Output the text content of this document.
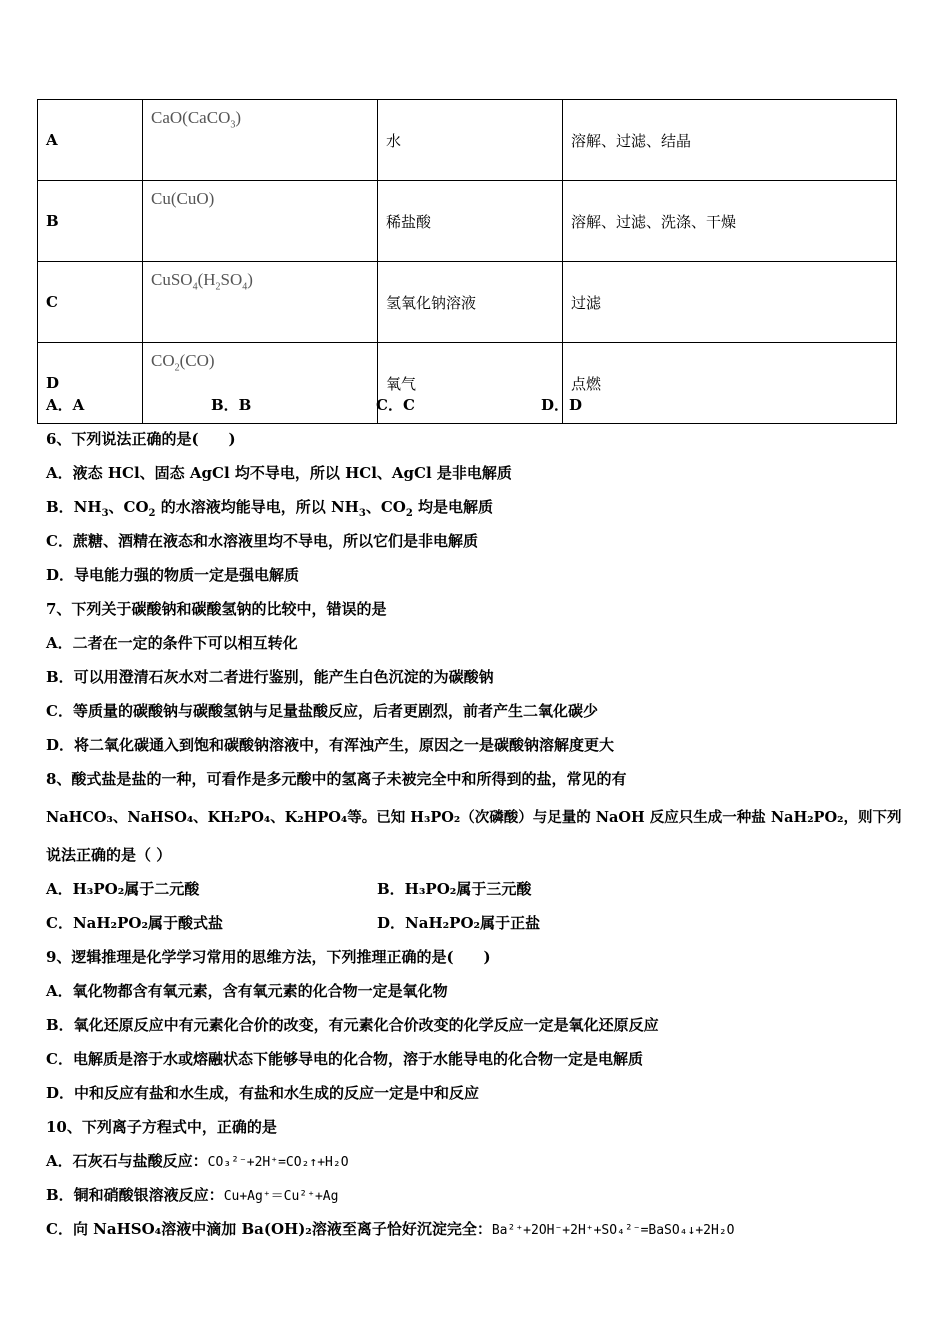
A	CaO(CaCO$_3$)	水	溶解、过滤、结晶
B	Cu(CuO)	稀盐酸	溶解、过滤、洗涤、干燥
C	$CuSO_4(H_2SO_4)$	氢氧化钠溶液	过滤
D	$CO_2(CO)$	氧气	点燃
A．A	B．B	C．C	D．D
6、下列说法正确的是(　　)
A．液态 HCl、固态 AgCl 均不导电，所以 HCl、AgCl 是非电解质
B．$NH_3$、$CO_2$ 的水溶液均能导电，所以 $NH_3$、$CO_2$ 均是电解质
C．蔗糖、酒精在液态和水溶液里均不导电，所以它们是非电解质
D．导电能力强的物质一定是强电解质
7、下列关于碳酸钠和碳酸氢钠的比较中，错误的是
A．二者在一定的条件下可以相互转化
B．可以用澄清石灰水对二者进行鉴别，能产生白色沉淀的为碳酸钠
C．等质量的碳酸钠与碳酸氢钠与足量盐酸反应，后者更剧烈，前者产生二氧化碳少
D．将二氧化碳通入到饱和碳酸钠溶液中，有浑浊产生，原因之一是碳酸钠溶解度更大
8、酸式盐是盐的一种，可看作是多元酸中的氢离子未被完全中和所得到的盐，常见的有
NaHCO₃、NaHSO₄、KH₂PO₄、K₂HPO₄等。已知 H₃PO₂（次磷酸）与足量的 NaOH 反应只生成一种盐 NaH₂PO₂，则下列
说法正确的是（ ）
A．H₃PO₂属于二元酸	B．H₃PO₂属于三元酸
C．NaH₂PO₂属于酸式盐	D．NaH₂PO₂属于正盐
9、逻辑推理是化学学习常用的思维方法，下列推理正确的是(　　)
A．氧化物都含有氧元素，含有氧元素的化合物一定是氧化物
B．氧化还原反应中有元素化合价的改变，有元素化合价改变的化学反应一定是氧化还原反应
C．电解质是溶于水或熔融状态下能够导电的化合物，溶于水能导电的化合物一定是电解质
D．中和反应有盐和水生成，有盐和水生成的反应一定是中和反应
10、下列离子方程式中，正确的是
A．石灰石与盐酸反应：CO₃²⁻+2H⁺=CO₂↑+H₂O
B．铜和硝酸银溶液反应：Cu+Ag⁺＝Cu²⁺+Ag
C．向 NaHSO₄溶液中滴加 Ba(OH)₂溶液至离子恰好沉淀完全：Ba²⁺+2OH⁻+2H⁺+SO₄²⁻=BaSO₄↓+2H₂O
